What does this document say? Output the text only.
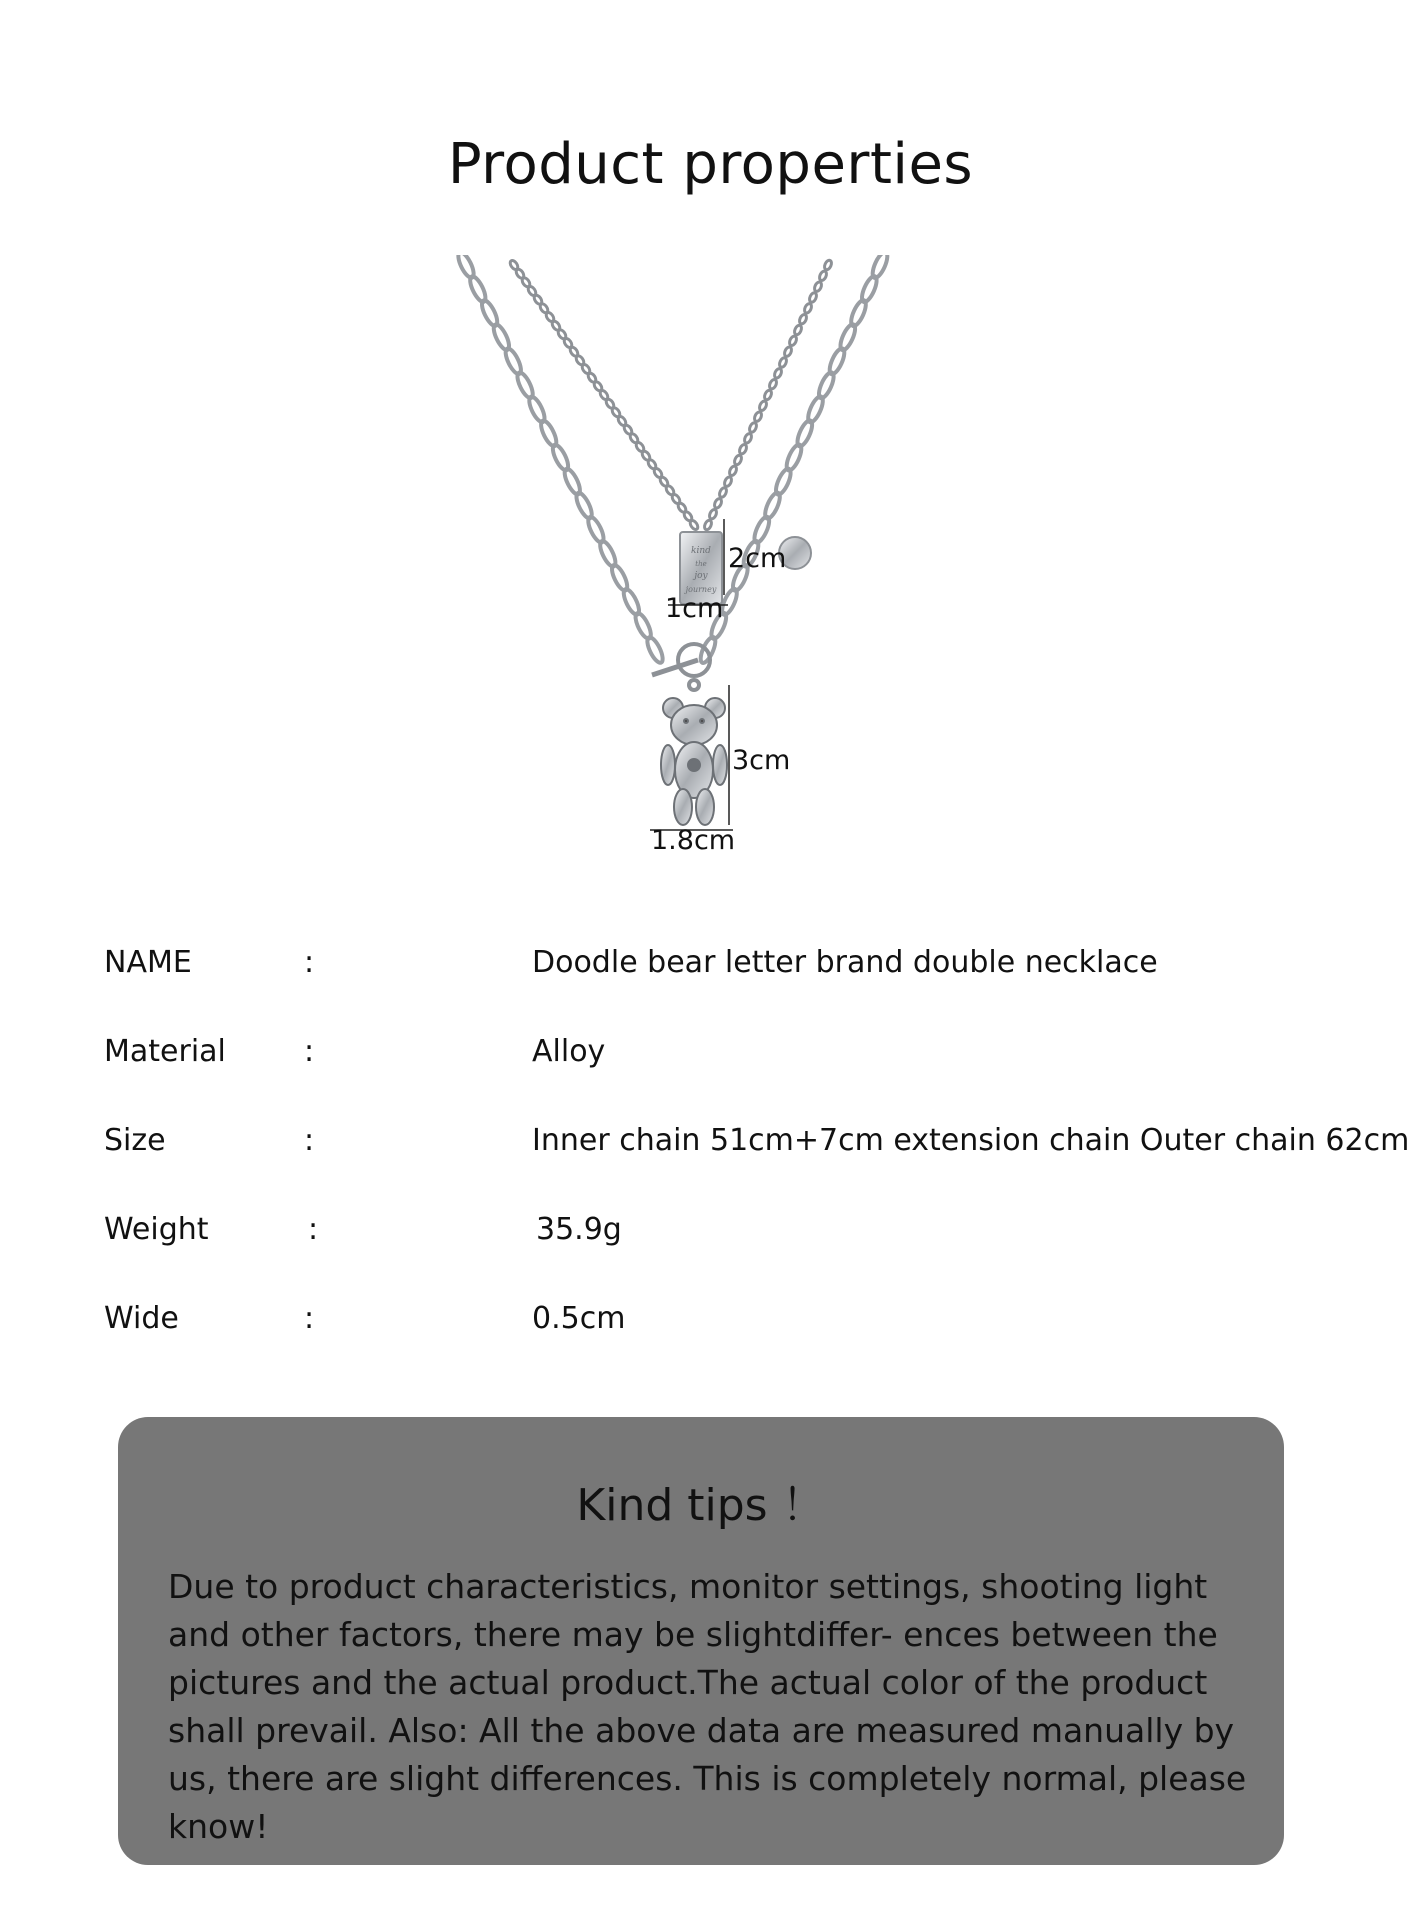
Product properties
kind
the
joy
journey
2cm
1cm
3cm
1.8cm
NAME	:	Doodle bear letter brand double necklace
Material	:	Alloy
Size	:	Inner chain 51cm+7cm extension chain Outer chain 62cm
Weight	:	35.9g
Wide	:	0.5cm
Kind tips ！
Due to product characteristics, monitor settings, shooting light and other factors, there may be slightdiffer- ences between the pictures and the actual product.The actual color of the product shall prevail. Also: All the above data are measured manually by us, there are slight differences. This is completely normal, please know!
